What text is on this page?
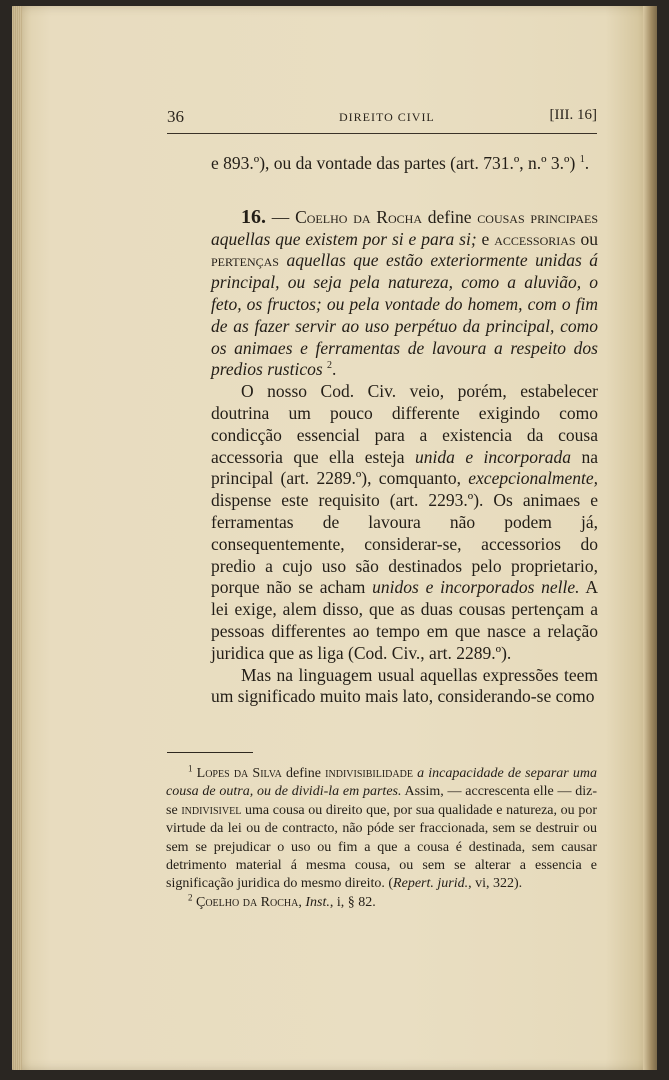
36	DIREITO CIVIL	[III. 16]

e 893.º), ou da vontade das partes (art. 731.º, n.º 3.º) $^1$.

16. — Coelho da Rocha define cousas principaes aquellas que existem por si e para si; e accessorias ou pertenças aquellas que estão exteriormente unidas á principal, ou seja pela natureza, como a aluvião, o feto, os fructos; ou pela vontade do homem, com o fim de as fazer servir ao uso perpétuo da principal, como os animaes e ferramentas de lavoura a respeito dos predios rusticos $^2$.

O nosso Cod. Civ. veio, porém, estabelecer doutrina um pouco differente exigindo como condicção essencial para a existencia da cousa accessoria que ella esteja unida e incorporada na principal (art. 2289.º), comquanto, excepcionalmente, dispense este requisito (art. 2293.º). Os animaes e ferramentas de lavoura não podem já, consequentemente, considerar-se, accessorios do predio a cujo uso são destinados pelo proprietario, porque não se acham unidos e incorporados nelle. A lei exige, alem disso, que as duas cousas pertençam a pessoas differentes ao tempo em que nasce a relação juridica que as liga (Cod. Civ., art. 2289.º).

Mas na linguagem usual aquellas expressões teem um significado muito mais lato, considerando-se como

$^1$ Lopes da Silva define indivisibilidade a incapacidade de separar uma cousa de outra, ou de dividi-la em partes. Assim, — accrescenta elle — diz-se indivisivel uma cousa ou direito que, por sua qualidade e natureza, ou por virtude da lei ou de contracto, não póde ser fraccionada, sem se destruir ou sem se prejudicar o uso ou fim a que a cousa é destinada, sem causar detrimento material á mesma cousa, ou sem se alterar a essencia e significação juridica do mesmo direito. (Repert. jurid., vi, 322).

$^2$ Çoelho da Rocha, Inst., i, § 82.
